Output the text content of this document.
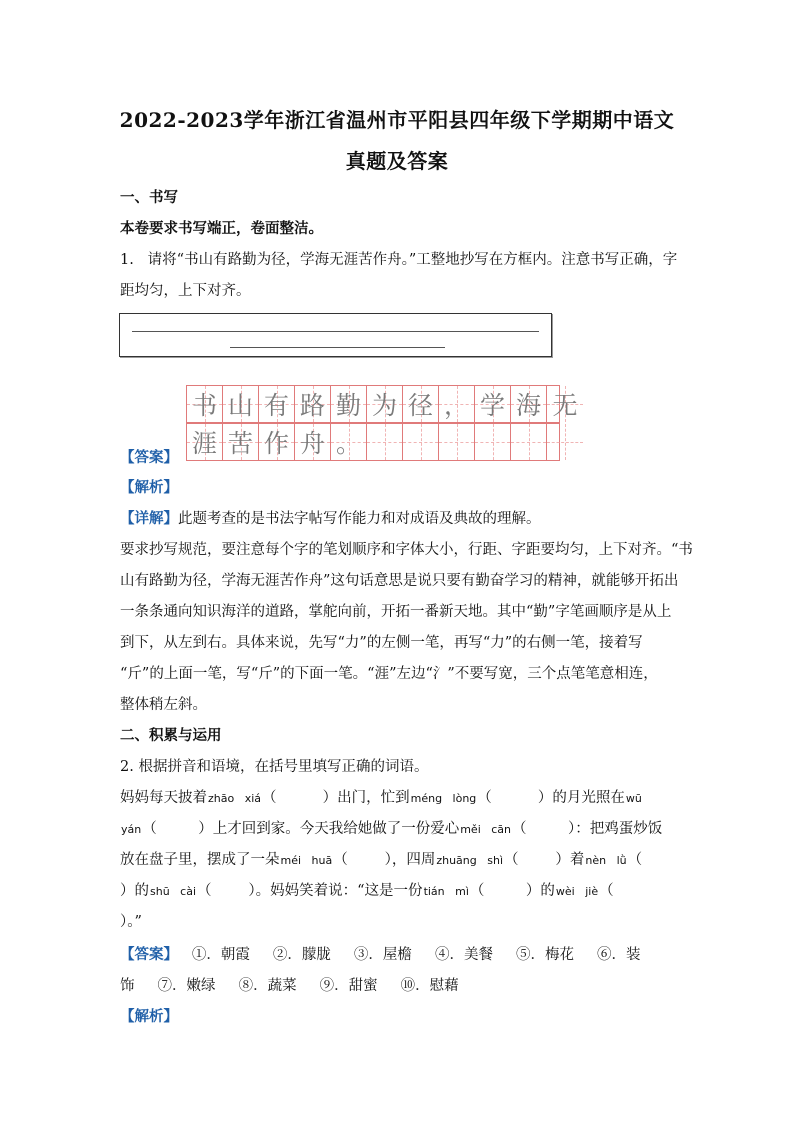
2022-2023学年浙江省温州市平阳县四年级下学期期中语文
真题及答案
一、书写
本卷要求书写端正，卷面整洁。
1.   请将“书山有路勤为径，学海无涯苦作舟。”工整地抄写在方框内。注意书写正确，字
距均匀，上下对齐。
书 山 有 路 勤 为 径 ， 学 海 无
涯 苦 作 舟 。
【答案】
【解析】
【详解】此题考查的是书法字帖写作能力和对成语及典故的理解。
要求抄写规范，要注意每个字的笔划顺序和字体大小，行距、字距要均匀，上下对齐。“书
山有路勤为径，学海无涯苦作舟”这句话意思是说只要有勤奋学习的精神，就能够开拓出
一条条通向知识海洋的道路，掌舵向前，开拓一番新天地。其中“勤”字笔画顺序是从上
到下，从左到右。具体来说，先写“力”的左侧一笔，再写“力”的右侧一笔，接着写
“斤”的上面一笔，写“斤”的下面一笔。“涯”左边“氵”不要写宽，三个点笔笔意相连，
整体稍左斜。
二、积累与运用
2. 根据拼音和语境，在括号里填写正确的词语。
妈妈每天披着zhāo   xiá（          ）出门，忙到méng   lòng（          ）的月光照在wū
yán（         ）上才回到家。今天我给她做了一份爱心měi   cān（         ）：把鸡蛋炒饭
放在盘子里，摆成了一朵méi   huā（        ），四周zhuāng   shì（        ）着nèn   lǜ（
）的shū   cài（        ）。妈妈笑着说：“这是一份tián   mì（         ）的wèi   jiè（
）。”
【答案】   ①．朝霞     ②．朦胧     ③．屋檐     ④．美餐     ⑤．梅花     ⑥．装
饰     ⑦．嫩绿     ⑧．蔬菜     ⑨．甜蜜     ⑩．慰藉
【解析】
